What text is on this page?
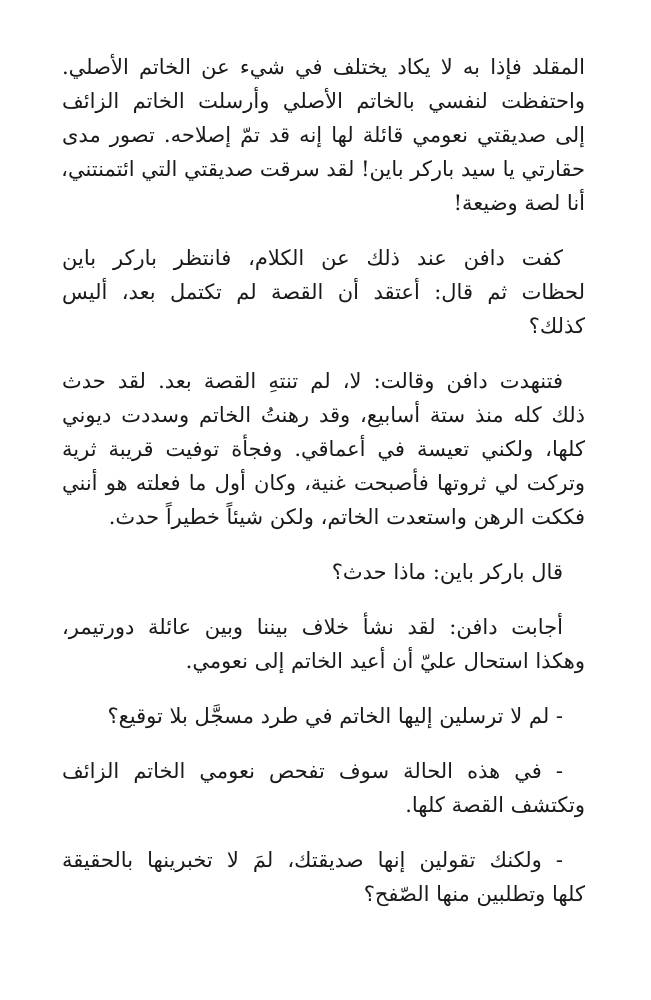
المقلد فإذا به لا يكاد يختلف في شيء عن الخاتم الأصلي.
واحتفظت لنفسي بالخاتم الأصلي وأرسلت الخاتم الزائف
إلى صديقتي نعومي قائلة لها إنه قد تمّ إصلاحه. تصور مدى
حقارتي يا سيد باركر باين! لقد سرقت صديقتي التي ائتمنتني،
أنا لصة وضيعة!

كفت دافن عند ذلك عن الكلام، فانتظر باركر باين
لحظات ثم قال: أعتقد أن القصة لم تكتمل بعد، أليس
كذلك؟

فتنهدت دافن وقالت: لا، لم تنتهِ القصة بعد. لقد حدث
ذلك كله منذ ستة أسابيع، وقد رهنتُ الخاتم وسددت ديوني
كلها، ولكني تعيسة في أعماقي. وفجأة توفيت قريبة ثرية
وتركت لي ثروتها فأصبحت غنية، وكان أول ما فعلته هو أنني
فككت الرهن واستعدت الخاتم، ولكن شيئاً خطيراً حدث.

قال باركر باين: ماذا حدث؟

أجابت دافن: لقد نشأ خلاف بيننا وبين عائلة دورتيمر،
وهكذا استحال عليّ أن أعيد الخاتم إلى نعومي.

- لم لا ترسلين إليها الخاتم في طرد مسجَّل بلا توقيع؟

- في هذه الحالة سوف تفحص نعومي الخاتم الزائف
وتكتشف القصة كلها.

- ولكنك تقولين إنها صديقتك، لمَ لا تخبرينها بالحقيقة
كلها وتطلبين منها الصّفح؟
